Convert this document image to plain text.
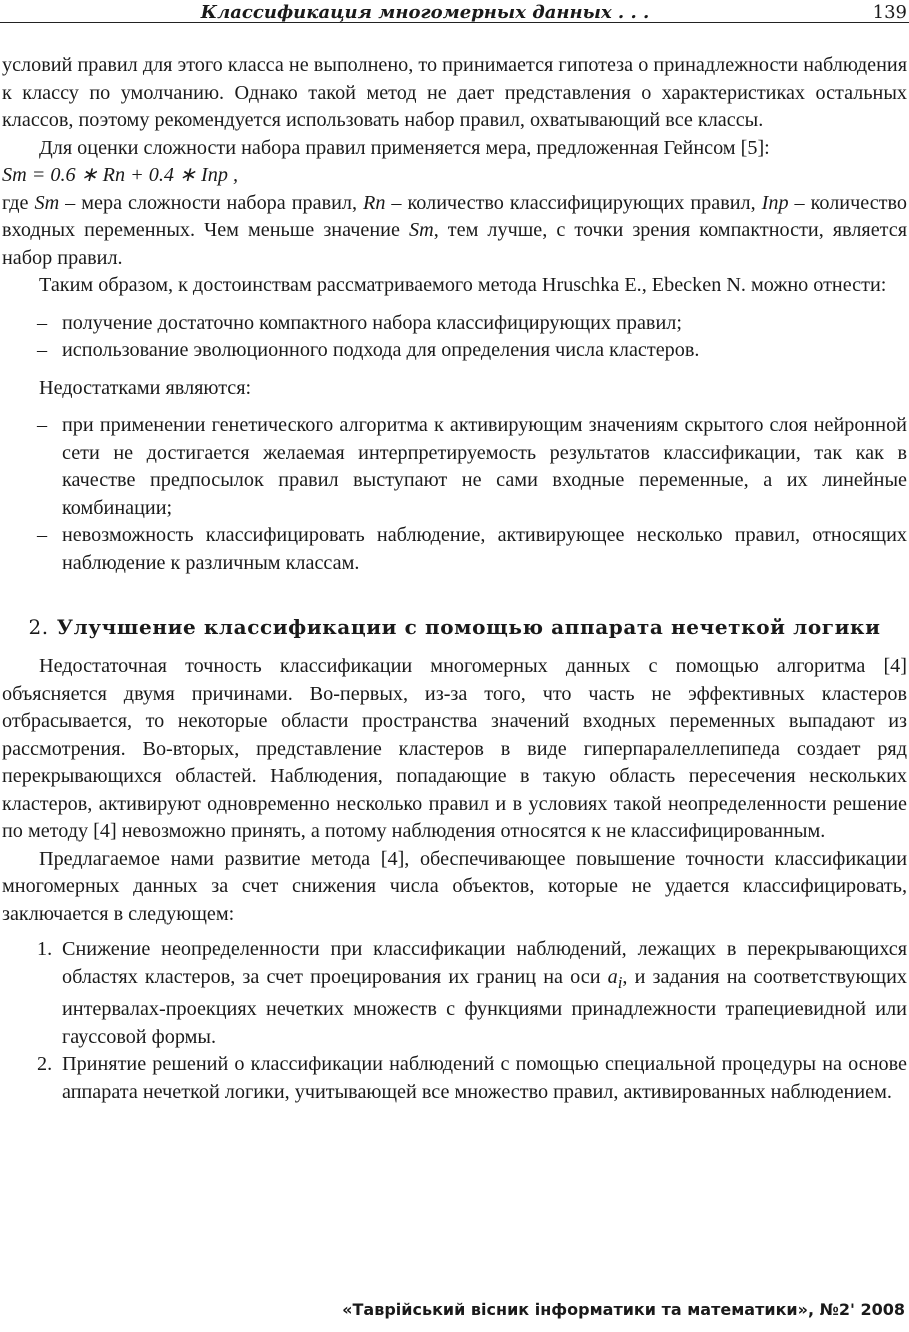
Классификация многомерных данных . . .	139

условий правил для этого класса не выполнено, то принимается гипотеза о принадлежности наблюдения к классу по умолчанию. Однако такой метод не дает представления о характеристиках остальных классов, поэтому рекомендуется использовать набор правил, охватывающий все классы.

Для оценки сложности набора правил применяется мера, предложенная Гейнсом [5]:

Sm = 0.6 ∗ Rn + 0.4 ∗ Inp ,

где Sm – мера сложности набора правил, Rn – количество классифицирующих правил, Inp – количество входных переменных. Чем меньше значение Sm, тем лучше, с точки зрения компактности, является набор правил.

Таким образом, к достоинствам рассматриваемого метода Hruschka E., Ebecken N. можно отнести:

– получение достаточно компактного набора классифицирующих правил;
– использование эволюционного подхода для определения числа кластеров.

Недостатками являются:

– при применении генетического алгоритма к активирующим значениям скрытого слоя нейронной сети не достигается желаемая интерпретируемость результатов классификации, так как в качестве предпосылок правил выступают не сами входные переменные, а их линейные комбинации;
– невозможность классифицировать наблюдение, активирующее несколько правил, относящих наблюдение к различным классам.
2. Улучшение классификации с помощью аппарата нечеткой логики

Недостаточная точность классификации многомерных данных с помощью алгоритма [4] объясняется двумя причинами. Во-первых, из-за того, что часть не эффективных кластеров отбрасывается, то некоторые области пространства значений входных переменных выпадают из рассмотрения. Во-вторых, представление кластеров в виде гиперпаралеллепипеда создает ряд перекрывающихся областей. Наблюдения, попадающие в такую область пересечения нескольких кластеров, активируют одновременно несколько правил и в условиях такой неопределенности решение по методу [4] невозможно принять, а потому наблюдения относятся к не классифицированным.

Предлагаемое нами развитие метода [4], обеспечивающее повышение точности классификации многомерных данных за счет снижения числа объектов, которые не удается классифицировать, заключается в следующем:

1. Снижение неопределенности при классификации наблюдений, лежащих в перекрывающихся областях кластеров, за счет проецирования их границ на оси $a_i$, и задания на соответствующих интервалах-проекциях нечетких множеств с функциями принадлежности трапециевидной или гауссовой формы.
2. Принятие решений о классификации наблюдений с помощью специальной процедуры на основе аппарата нечеткой логики, учитывающей все множество правил, активированных наблюдением.
«Таврійський вісник інформатики та математики», №2' 2008
